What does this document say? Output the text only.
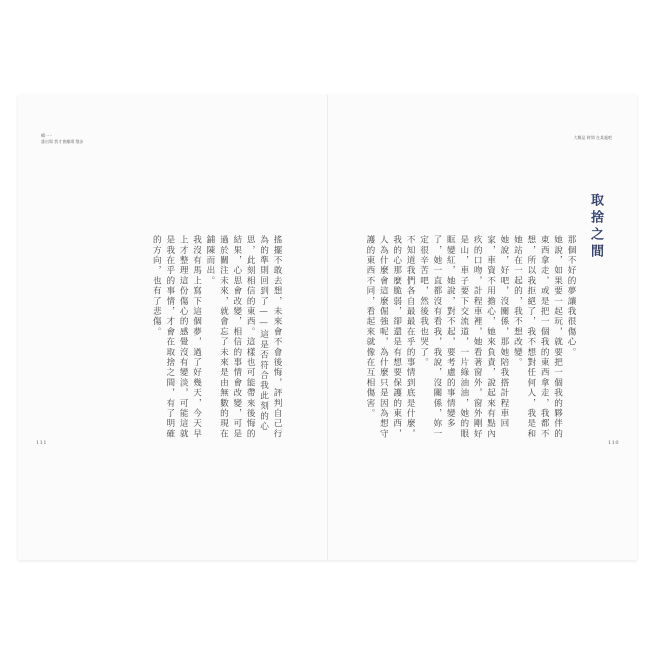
輯一・
誰出場 我才會離場 散步
大概是 時間 在某處吧
取捨之間

那個不好的夢讓我很傷心。

她說，如果要一起玩，就要把一個我的夥伴的東西拿走，或是把一個我的東西拿走，我都不想，所以我拒絕了，我不想對任何人，我是和她站在一起的，我不想改變。

她說，好吧，沒關係，那她陪我搭計程車回家，車資不用擔心，她來負責，說起來有點內疚的口吻，計程車裡，她看著窗外，窗外剛好是山，車子要下交流道，一片綠油油，她的眼眶變紅，她說，對不起，要考慮的事情變多了，她一直都沒有看我，我說，沒關係，妳一定很辛苦吧，然後我也哭了。

不知道我們各自最最在乎的事情到底是什麼，我的心那麼脆弱，卻還是有想要保護的東西，人為什麼會這麼倔強呢，為什麼只是因為想守護的東西不同，看起來就像在互相傷害。

搖擺不敢去想，未來會不會後悔，評判自己行為的準則回到了——這是否符合我此刻的心思，此刻相信的東西。這樣也可能帶來後悔的結果，心思會改變，相信的事情會改變，可是過於關注未來，就會忘了未來是由無數的現在鋪陳而出。

我沒有馬上寫下這個夢，過了好幾天，今天早上才整理這份傷心的感覺沒有變淡，可能這就是我在乎的事情，才會在取捨之間，有了明確的方向，也有了悲傷。

111	110
